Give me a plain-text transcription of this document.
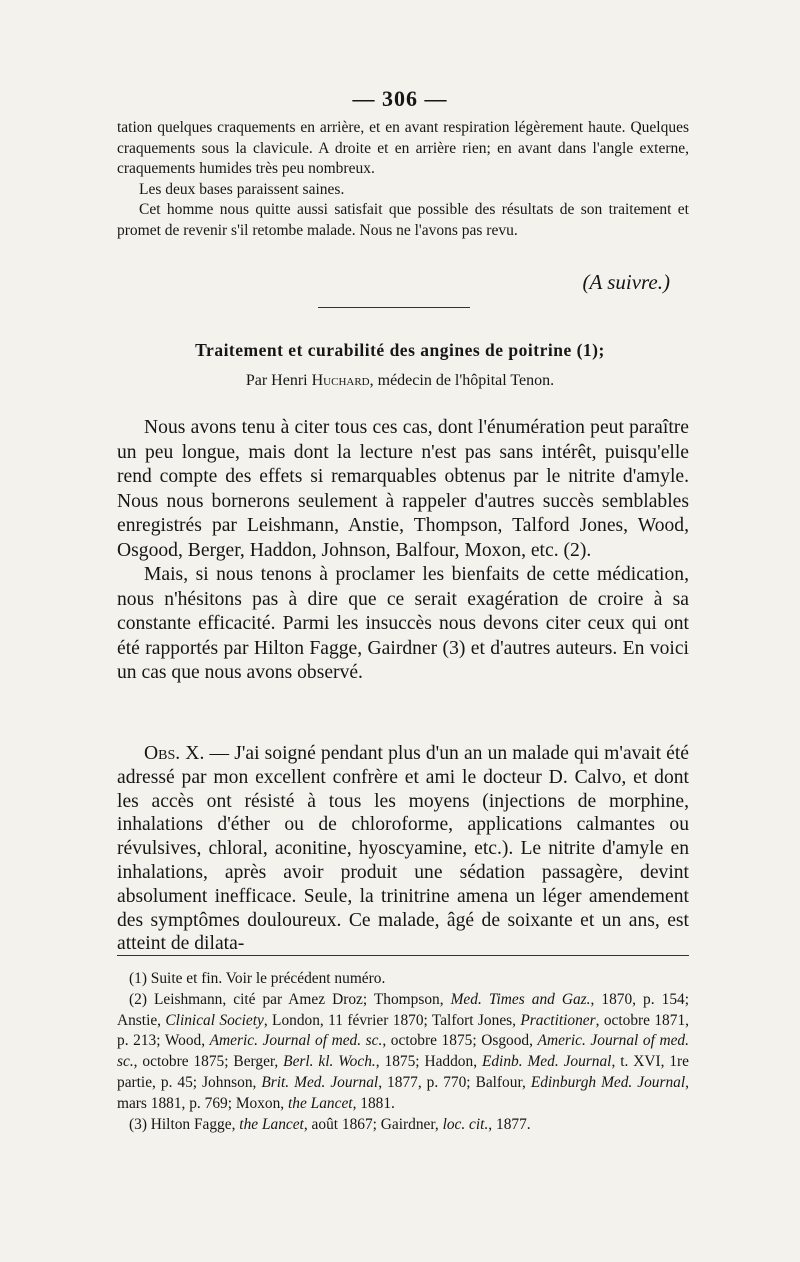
— 306 —

tation quelques craquements en arrière, et en avant respiration légèrement haute. Quelques craquements sous la clavicule. A droite et en arrière rien; en avant dans l'angle externe, craquements humides très peu nombreux.

Les deux bases paraissent saines.

Cet homme nous quitte aussi satisfait que possible des résultats de son traitement et promet de revenir s'il retombe malade. Nous ne l'avons pas revu.

(A suivre.)
Traitement et curabilité des angines de poitrine (1);
Par Henri Huchard, médecin de l'hôpital Tenon.

Nous avons tenu à citer tous ces cas, dont l'énumération peut paraître un peu longue, mais dont la lecture n'est pas sans intérêt, puisqu'elle rend compte des effets si remarquables obtenus par le nitrite d'amyle. Nous nous bornerons seulement à rappeler d'autres succès semblables enregistrés par Leishmann, Anstie, Thompson, Talford Jones, Wood, Osgood, Berger, Haddon, Johnson, Balfour, Moxon, etc. (2).

Mais, si nous tenons à proclamer les bienfaits de cette médication, nous n'hésitons pas à dire que ce serait exagération de croire à sa constante efficacité. Parmi les insuccès nous devons citer ceux qui ont été rapportés par Hilton Fagge, Gairdner (3) et d'autres auteurs. En voici un cas que nous avons observé.

Obs. X. — J'ai soigné pendant plus d'un an un malade qui m'avait été adressé par mon excellent confrère et ami le docteur D. Calvo, et dont les accès ont résisté à tous les moyens (injections de morphine, inhalations d'éther ou de chloroforme, applications calmantes ou révulsives, chloral, aconitine, hyoscyamine, etc.). Le nitrite d'amyle en inhalations, après avoir produit une sédation passagère, devint absolument inefficace. Seule, la trinitrine amena un léger amendement des symptômes douloureux. Ce malade, âgé de soixante et un ans, est atteint de dilata-

(1) Suite et fin. Voir le précédent numéro.

(2) Leishmann, cité par Amez Droz; Thompson, Med. Times and Gaz., 1870, p. 154; Anstie, Clinical Society, London, 11 février 1870; Talfort Jones, Practitioner, octobre 1871, p. 213; Wood, Americ. Journal of med. sc., octobre 1875; Osgood, Americ. Journal of med. sc., octobre 1875; Berger, Berl. kl. Woch., 1875; Haddon, Edinb. Med. Journal, t. XVI, 1re partie, p. 45; Johnson, Brit. Med. Journal, 1877, p. 770; Balfour, Edinburgh Med. Journal, mars 1881, p. 769; Moxon, the Lancet, 1881.

(3) Hilton Fagge, the Lancet, août 1867; Gairdner, loc. cit., 1877.
